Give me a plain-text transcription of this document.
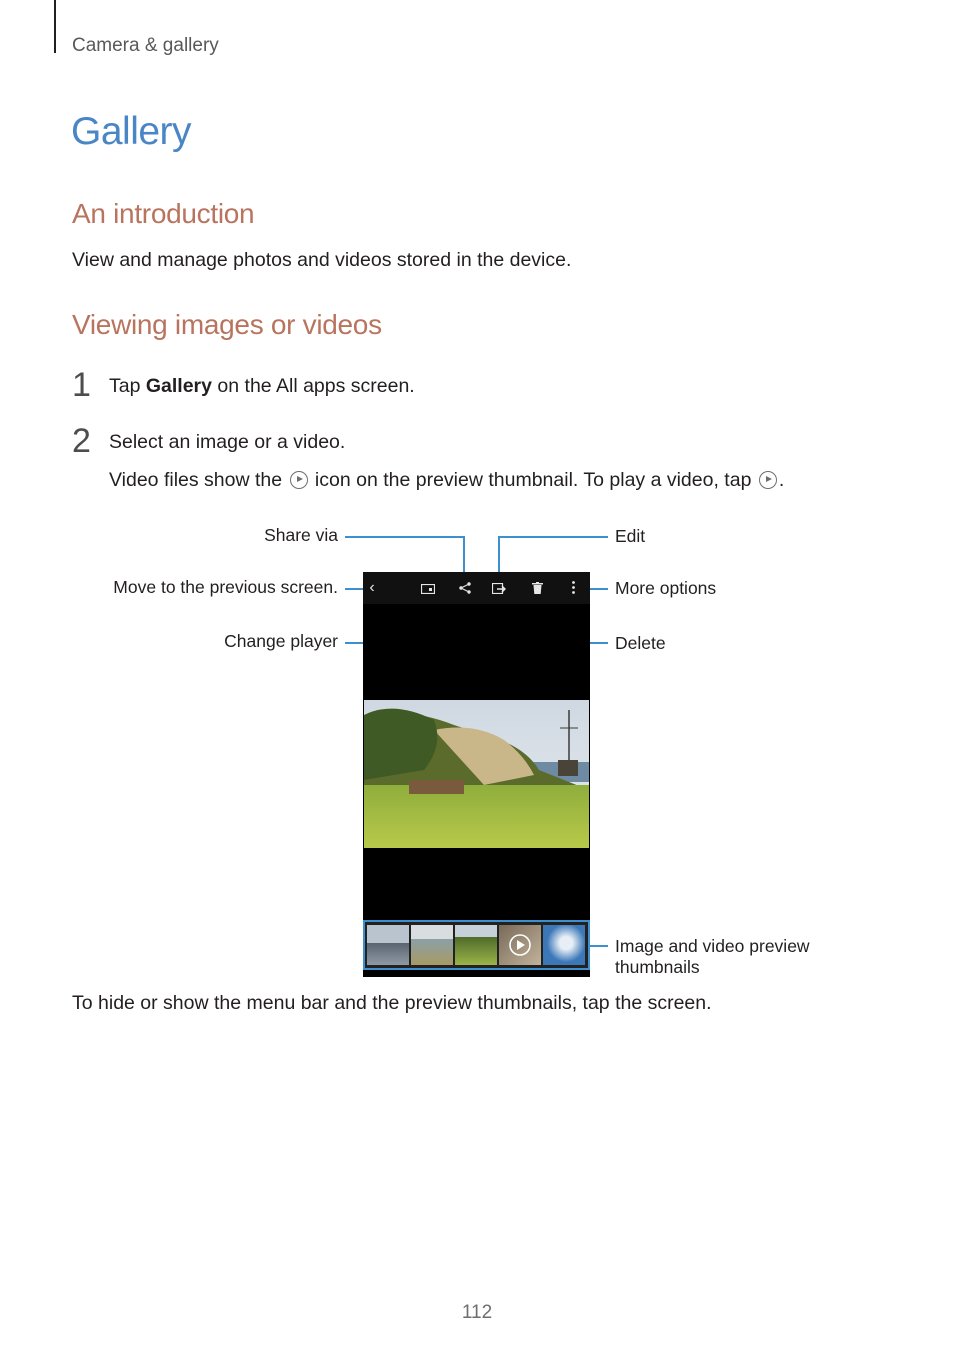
Camera & gallery
Gallery
An introduction
View and manage photos and videos stored in the device.
Viewing images or videos
1 Tap Gallery on the All apps screen.
2 Select an image or a video.
Video files show the  icon on the preview thumbnail. To play a video, tap .
Share via
Move to the previous screen.
Change player
Edit
More options
Delete
Image and video preview
thumbnails
‹
To hide or show the menu bar and the preview thumbnails, tap the screen.
112
